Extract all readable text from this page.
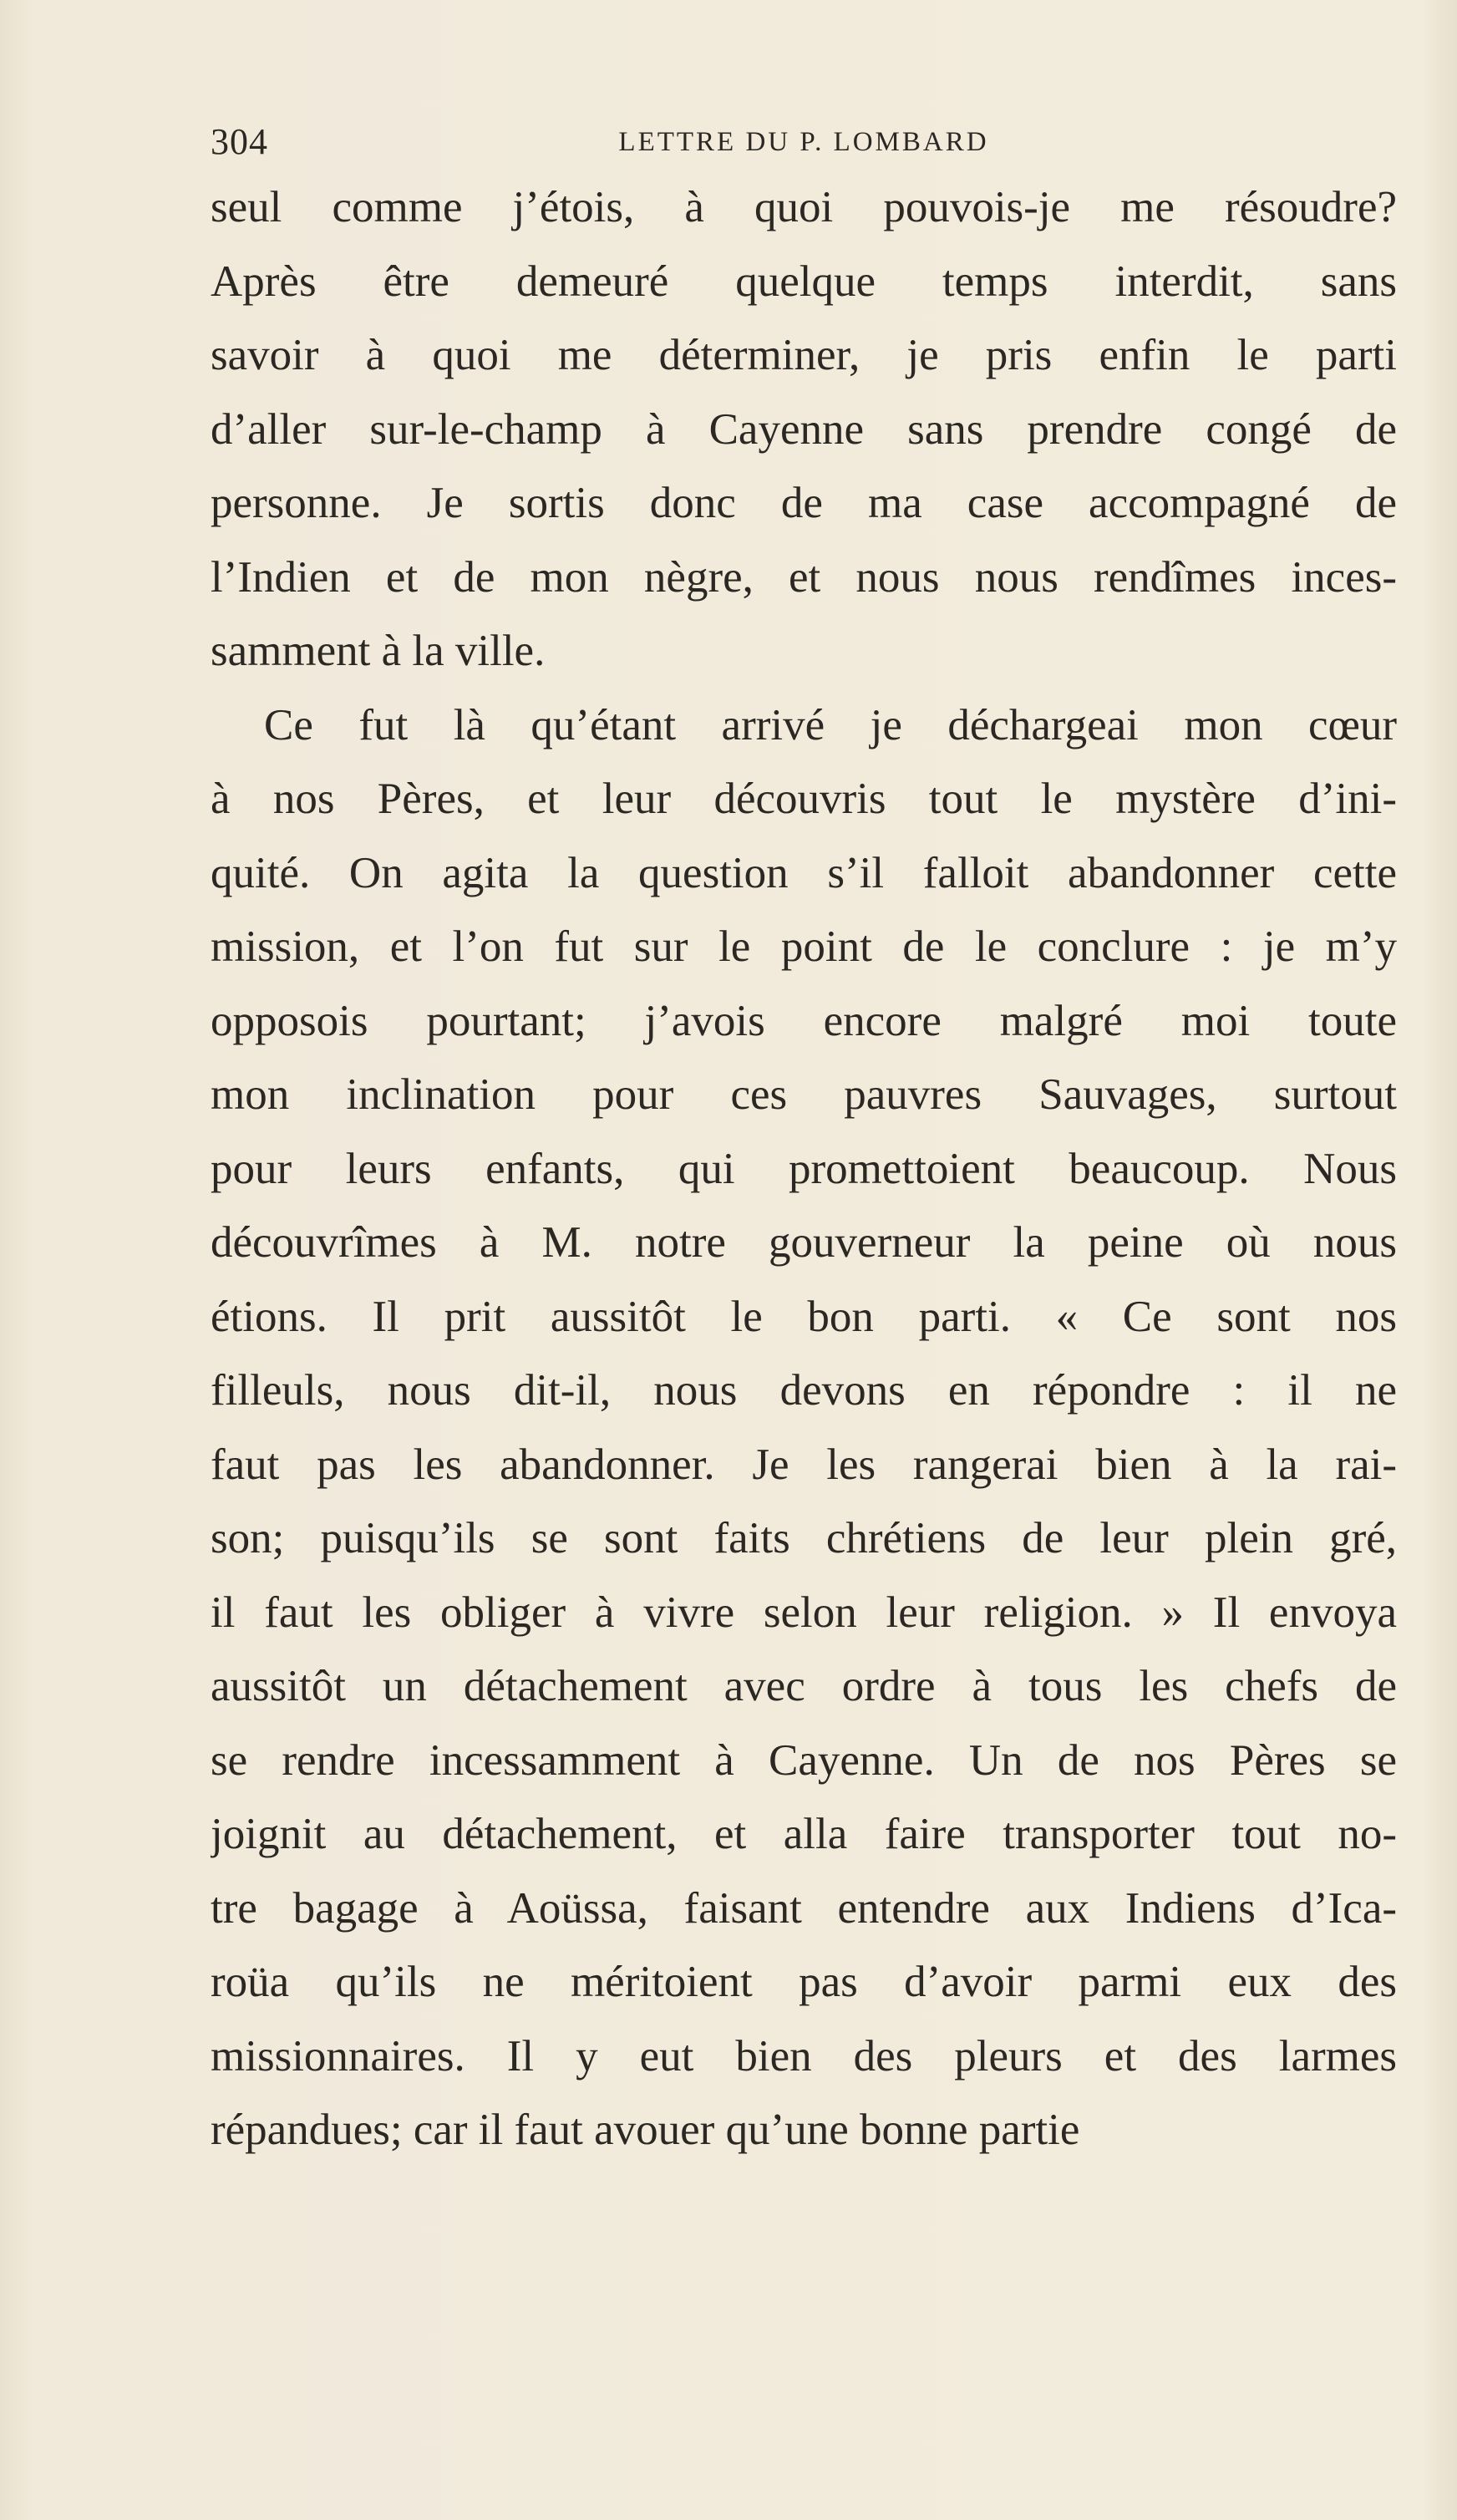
304	LETTRE DU P. LOMBARD
seul comme j’étois, à quoi pouvois-je me résoudre?
Après être demeuré quelque temps interdit, sans
savoir à quoi me déterminer, je pris enfin le parti
d’aller sur-le-champ à Cayenne sans prendre congé de
personne. Je sortis donc de ma case accompagné de
l’Indien et de mon nègre, et nous nous rendîmes inces-
samment à la ville.
Ce fut là qu’étant arrivé je déchargeai mon cœur
à nos Pères, et leur découvris tout le mystère d’ini-
quité. On agita la question s’il falloit abandonner cette
mission, et l’on fut sur le point de le conclure : je m’y
opposois pourtant; j’avois encore malgré moi toute
mon inclination pour ces pauvres Sauvages, surtout
pour leurs enfants, qui promettoient beaucoup. Nous
découvrîmes à M. notre gouverneur la peine où nous
étions. Il prit aussitôt le bon parti. « Ce sont nos
filleuls, nous dit-il, nous devons en répondre : il ne
faut pas les abandonner. Je les rangerai bien à la rai-
son; puisqu’ils se sont faits chrétiens de leur plein gré,
il faut les obliger à vivre selon leur religion. » Il envoya
aussitôt un détachement avec ordre à tous les chefs de
se rendre incessamment à Cayenne. Un de nos Pères se
joignit au détachement, et alla faire transporter tout no-
tre bagage à Aoüssa, faisant entendre aux Indiens d’Ica-
roüa qu’ils ne méritoient pas d’avoir parmi eux des
missionnaires. Il y eut bien des pleurs et des larmes
répandues; car il faut avouer qu’une bonne partie
